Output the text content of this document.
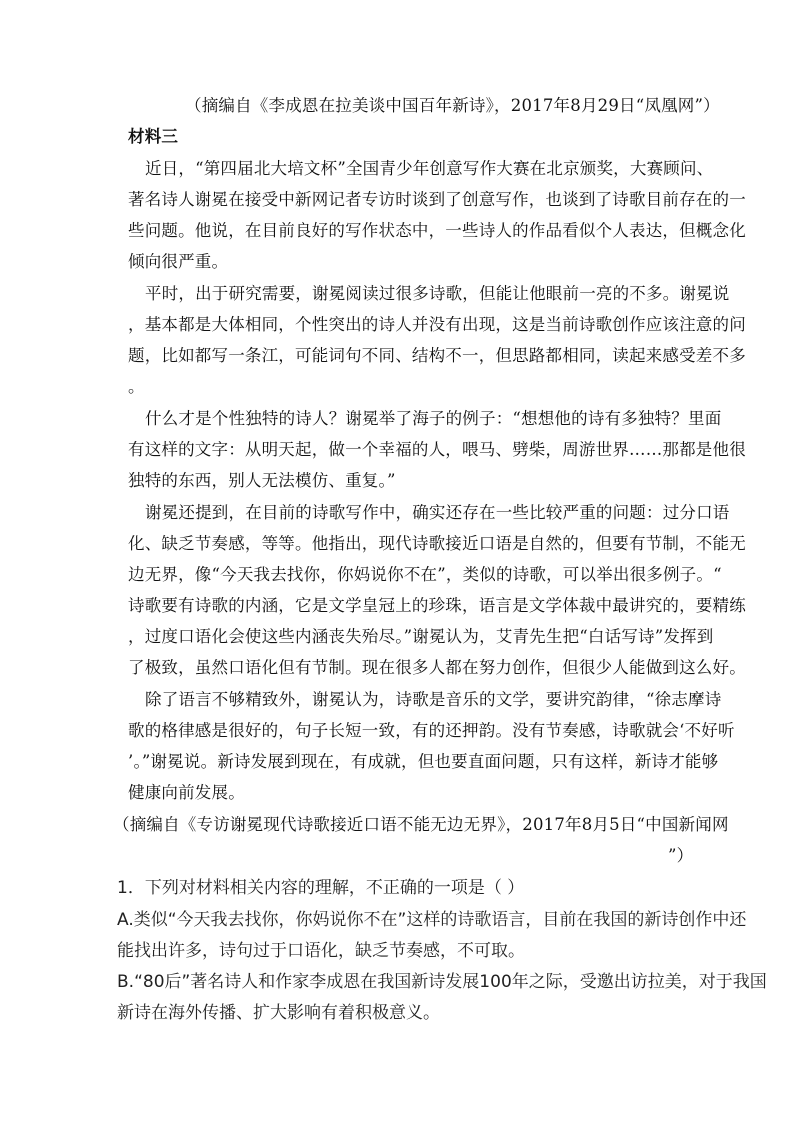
（摘编自《李成恩在拉美谈中国百年新诗》，2017年8月29日“凤凰网”）
材料三
近日，“第四届北大培文杯”全国青少年创意写作大赛在北京颁奖，大赛顾问、
著名诗人谢冕在接受中新网记者专访时谈到了创意写作，也谈到了诗歌目前存在的一
些问题。他说，在目前良好的写作状态中，一些诗人的作品看似个人表达，但概念化
倾向很严重。
平时，出于研究需要，谢冕阅读过很多诗歌，但能让他眼前一亮的不多。谢冕说
，基本都是大体相同，个性突出的诗人并没有出现，这是当前诗歌创作应该注意的问
题，比如都写一条江，可能词句不同、结构不一，但思路都相同，读起来感受差不多
。
什么才是个性独特的诗人？谢冕举了海子的例子：“想想他的诗有多独特？里面
有这样的文字：从明天起，做一个幸福的人，喂马、劈柴，周游世界……那都是他很
独特的东西，别人无法模仿、重复。”
谢冕还提到，在目前的诗歌写作中，确实还存在一些比较严重的问题：过分口语
化、缺乏节奏感，等等。他指出，现代诗歌接近口语是自然的，但要有节制，不能无
边无界，像“今天我去找你，你妈说你不在”，类似的诗歌，可以举出很多例子。“
诗歌要有诗歌的内涵，它是文学皇冠上的珍珠，语言是文学体裁中最讲究的，要精练
，过度口语化会使这些内涵丧失殆尽。”谢冕认为，艾青先生把“白话写诗”发挥到
了极致，虽然口语化但有节制。现在很多人都在努力创作，但很少人能做到这么好。
除了语言不够精致外，谢冕认为，诗歌是音乐的文学，要讲究韵律，“徐志摩诗
歌的格律感是很好的，句子长短一致，有的还押韵。没有节奏感，诗歌就会‘不好听
’。”谢冕说。新诗发展到现在，有成就，但也要直面问题，只有这样，新诗才能够
健康向前发展。
（摘编自《专访谢冕现代诗歌接近口语不能无边无界》，2017年8月5日“中国新闻网
”）
1．下列对材料相关内容的理解，不正确的一项是（ ）
A.类似“今天我去找你，你妈说你不在”这样的诗歌语言，目前在我国的新诗创作中还
能找出许多，诗句过于口语化，缺乏节奏感，不可取。
B.“80后”著名诗人和作家李成恩在我国新诗发展100年之际，受邀出访拉美，对于我国
新诗在海外传播、扩大影响有着积极意义。
